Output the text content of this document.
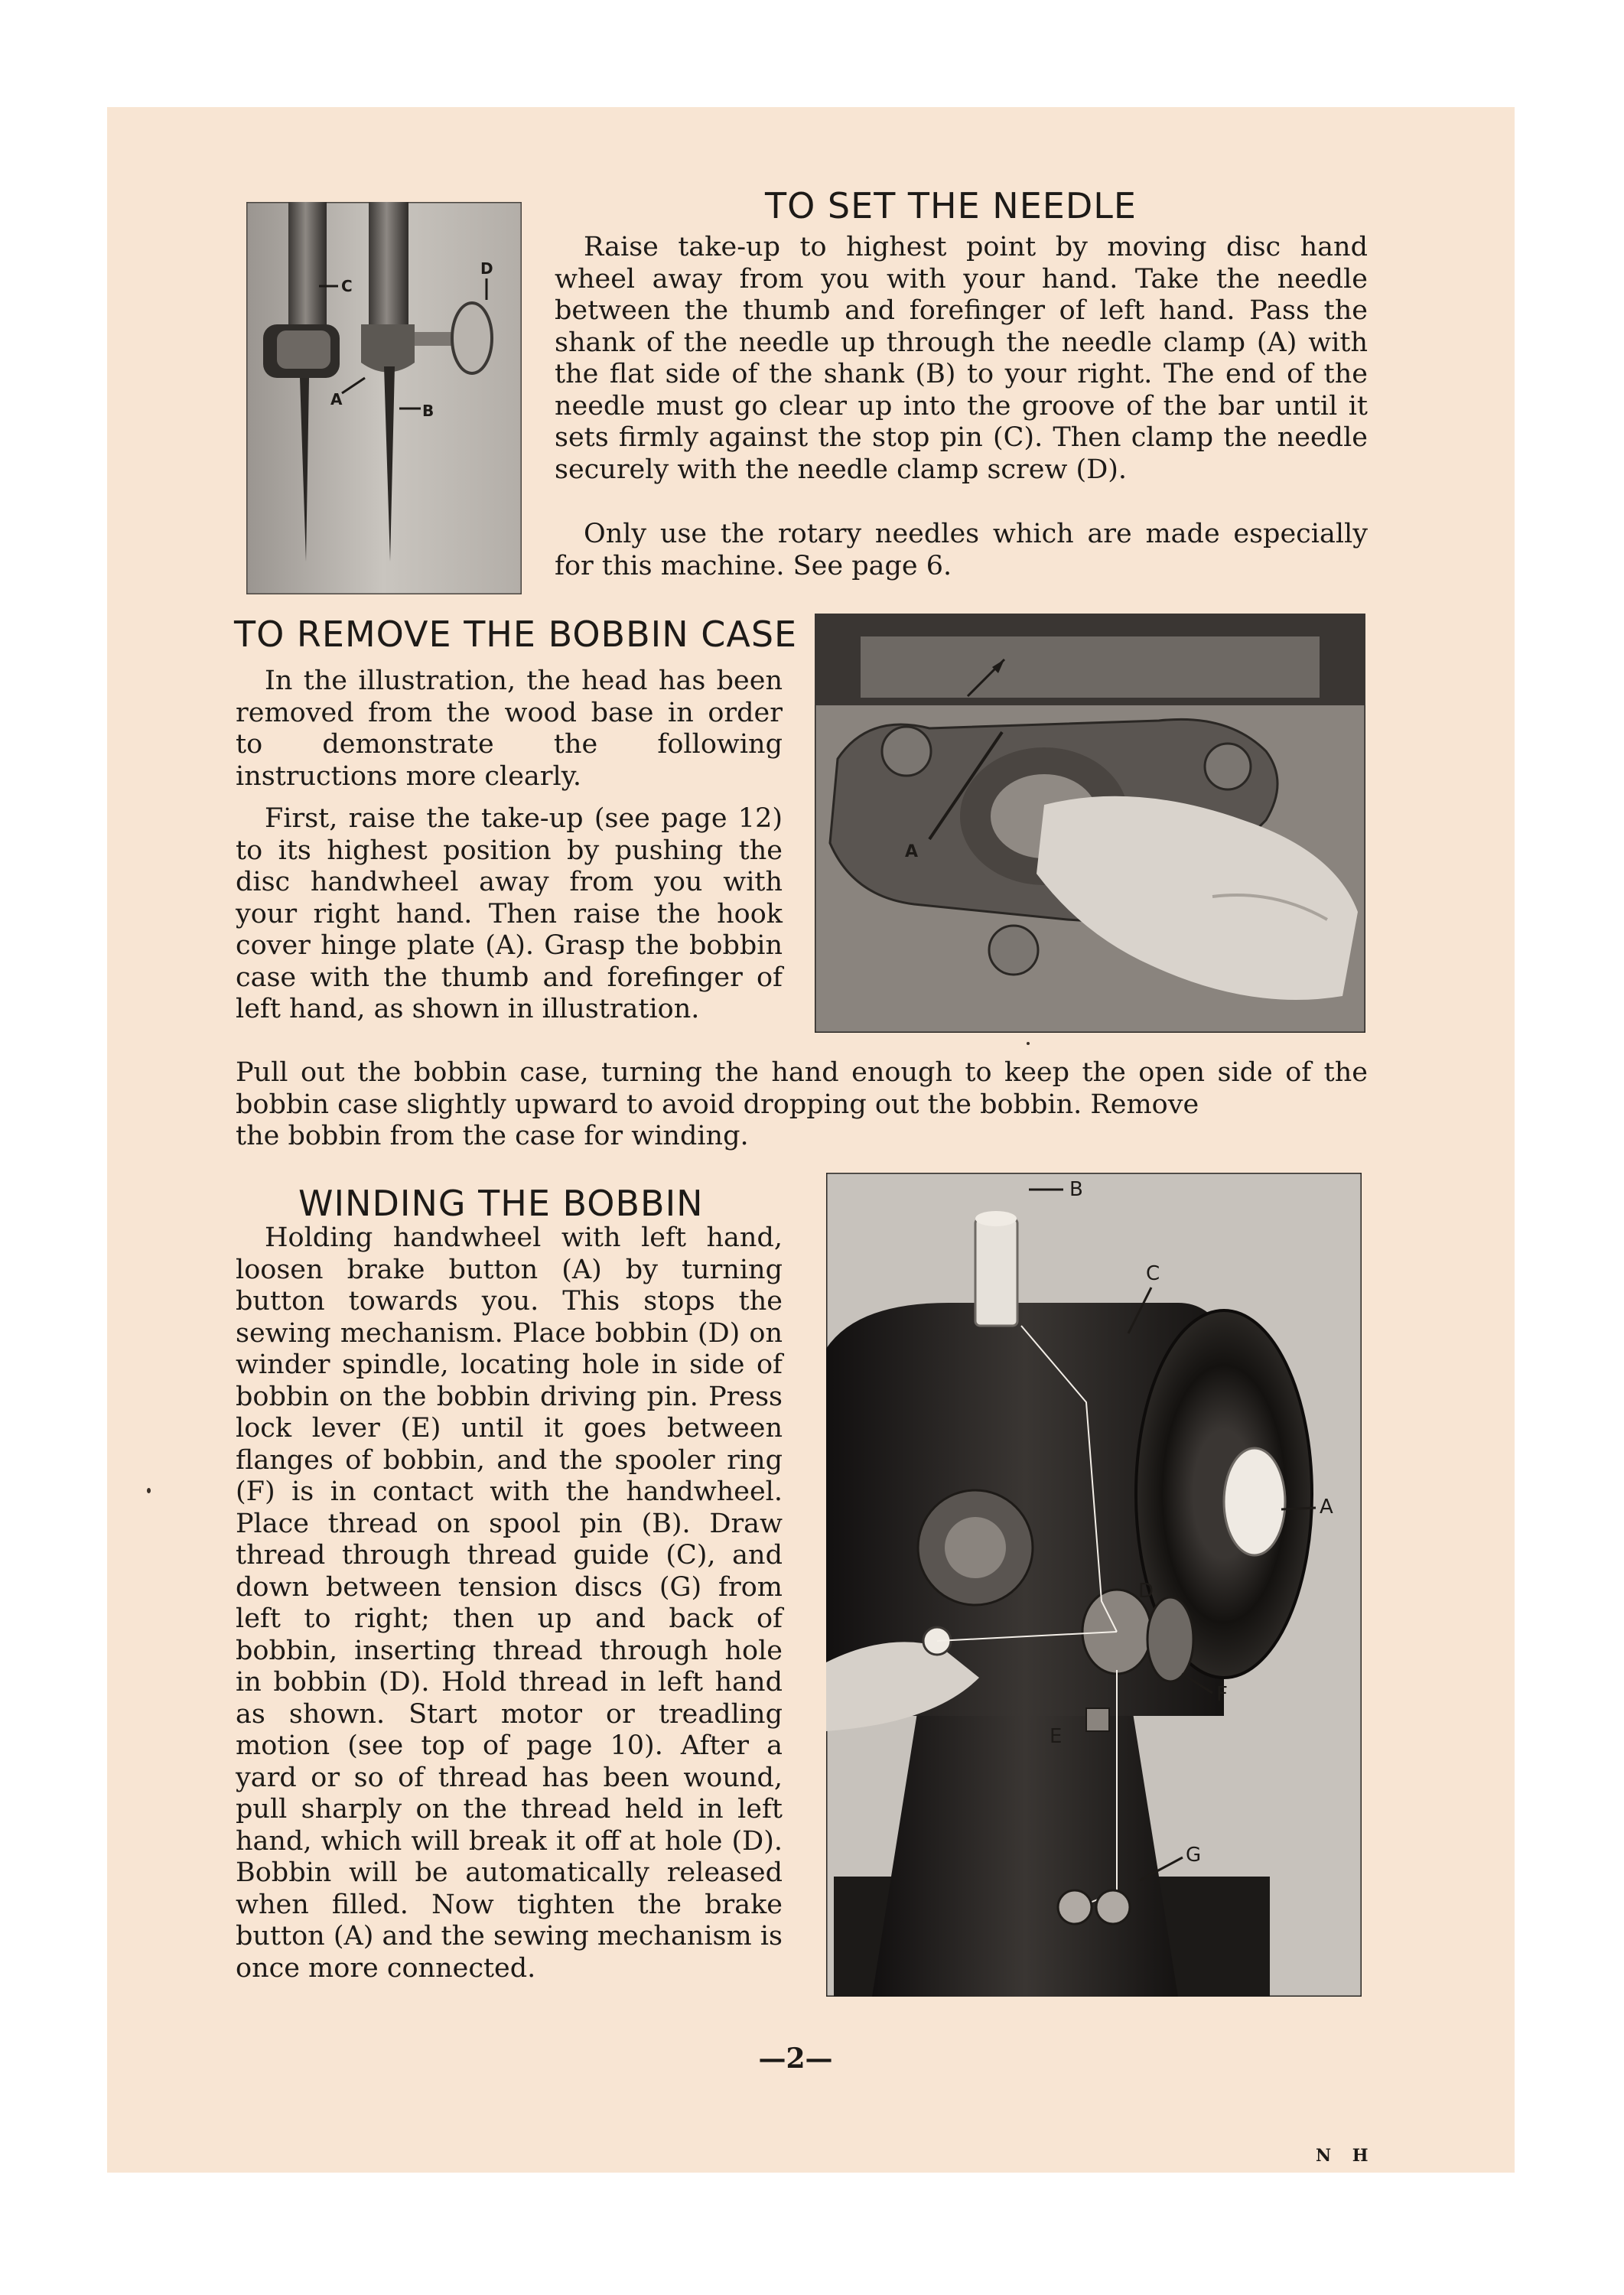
A
B
C
D
TO SET THE NEEDLE

Raise take-up to highest point by moving disc hand wheel away from you with your hand. Take the needle between the thumb and forefinger of left hand. Pass the shank of the needle up through the needle clamp (A) with the flat side of the shank (B) to your right. The end of the needle must go clear up into the groove of the bar until it sets firmly against the stop pin (C). Then clamp the needle securely with the needle clamp screw (D).

Only use the rotary needles which are made especially for this machine. See page 6.

TO REMOVE THE BOBBIN CASE
A

In the illustration, the head has been removed from the wood base in order to demonstrate the following instructions more clearly.

First, raise the take-up (see page 12) to its highest position by pushing the disc handwheel away from you with your right hand. Then raise the hook cover hinge plate (A). Grasp the bobbin case with the thumb and forefinger of left hand, as shown in illustration.

Pull out the bobbin case, turning the hand enough to keep the open side of the bobbin case slightly upward to avoid dropping out the bobbin. Remove

the bobbin from the case for winding.

WINDING THE BOBBIN

Holding handwheel with left hand, loosen brake button (A) by turning button towards you. This stops the sewing mechanism. Place bobbin (D) on winder spindle, locating hole in side of bobbin on the bobbin driving pin. Press lock lever (E) until it goes between flanges of bobbin, and the spooler ring (F) is in contact with the handwheel. Place thread on spool pin (B). Draw thread through thread guide (C), and down between tension discs (G) from left to right; then up and back of bobbin, inserting thread through hole in bobbin (D). Hold thread in left hand as shown. Start motor or treadling motion (see top of page 10). After a yard or so of thread has been wound, pull sharply on the thread held in left hand, which will break it off at hole (D). Bobbin will be automatically released when filled. Now tighten the brake button (A) and the sewing mechanism is once more connected.

B
C
A
D
F
E
G
—2—
N H
